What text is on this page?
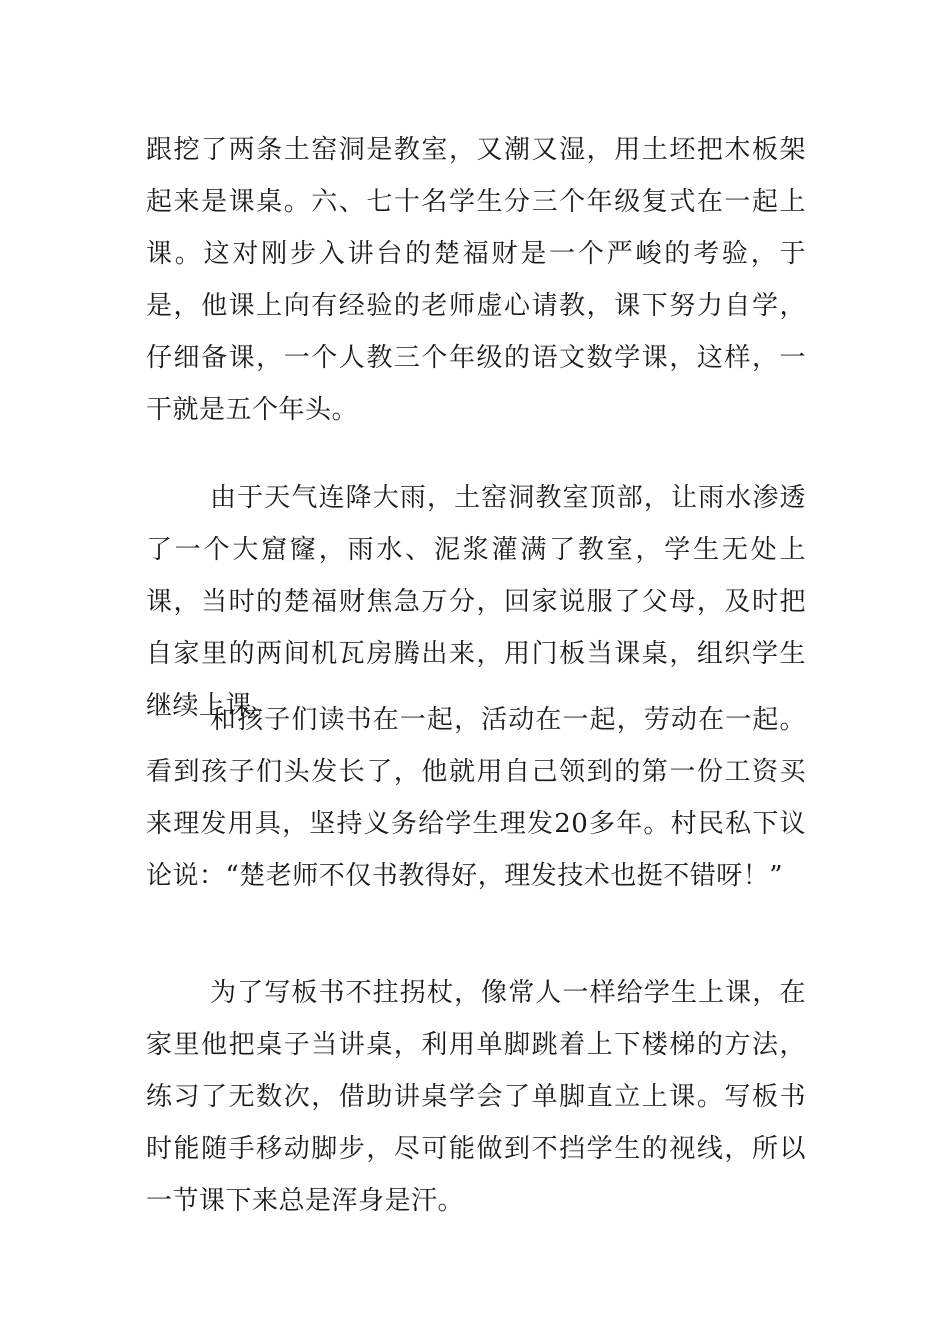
跟挖了两条土窑洞是教室，又潮又湿，用土坯把木板架起来是课桌。六、七十名学生分三个年级复式在一起上课。这对刚步入讲台的楚福财是一个严峻的考验，于是，他课上向有经验的老师虚心请教，课下努力自学，仔细备课，一个人教三个年级的语文数学课，这样，一干就是五个年头。

由于天气连降大雨，土窑洞教室顶部，让雨水渗透了一个大窟窿，雨水、泥浆灌满了教室，学生无处上课，当时的楚福财焦急万分，回家说服了父母，及时把自家里的两间机瓦房腾出来，用门板当课桌，组织学生继续上课。

和孩子们读书在一起，活动在一起，劳动在一起。看到孩子们头发长了，他就用自己领到的第一份工资买来理发用具，坚持义务给学生理发20多年。村民私下议论说：“楚老师不仅书教得好，理发技术也挺不错呀！”

为了写板书不拄拐杖，像常人一样给学生上课，在家里他把桌子当讲桌，利用单脚跳着上下楼梯的方法，练习了无数次，借助讲桌学会了单脚直立上课。写板书时能随手移动脚步，尽可能做到不挡学生的视线，所以一节课下来总是浑身是汗。
